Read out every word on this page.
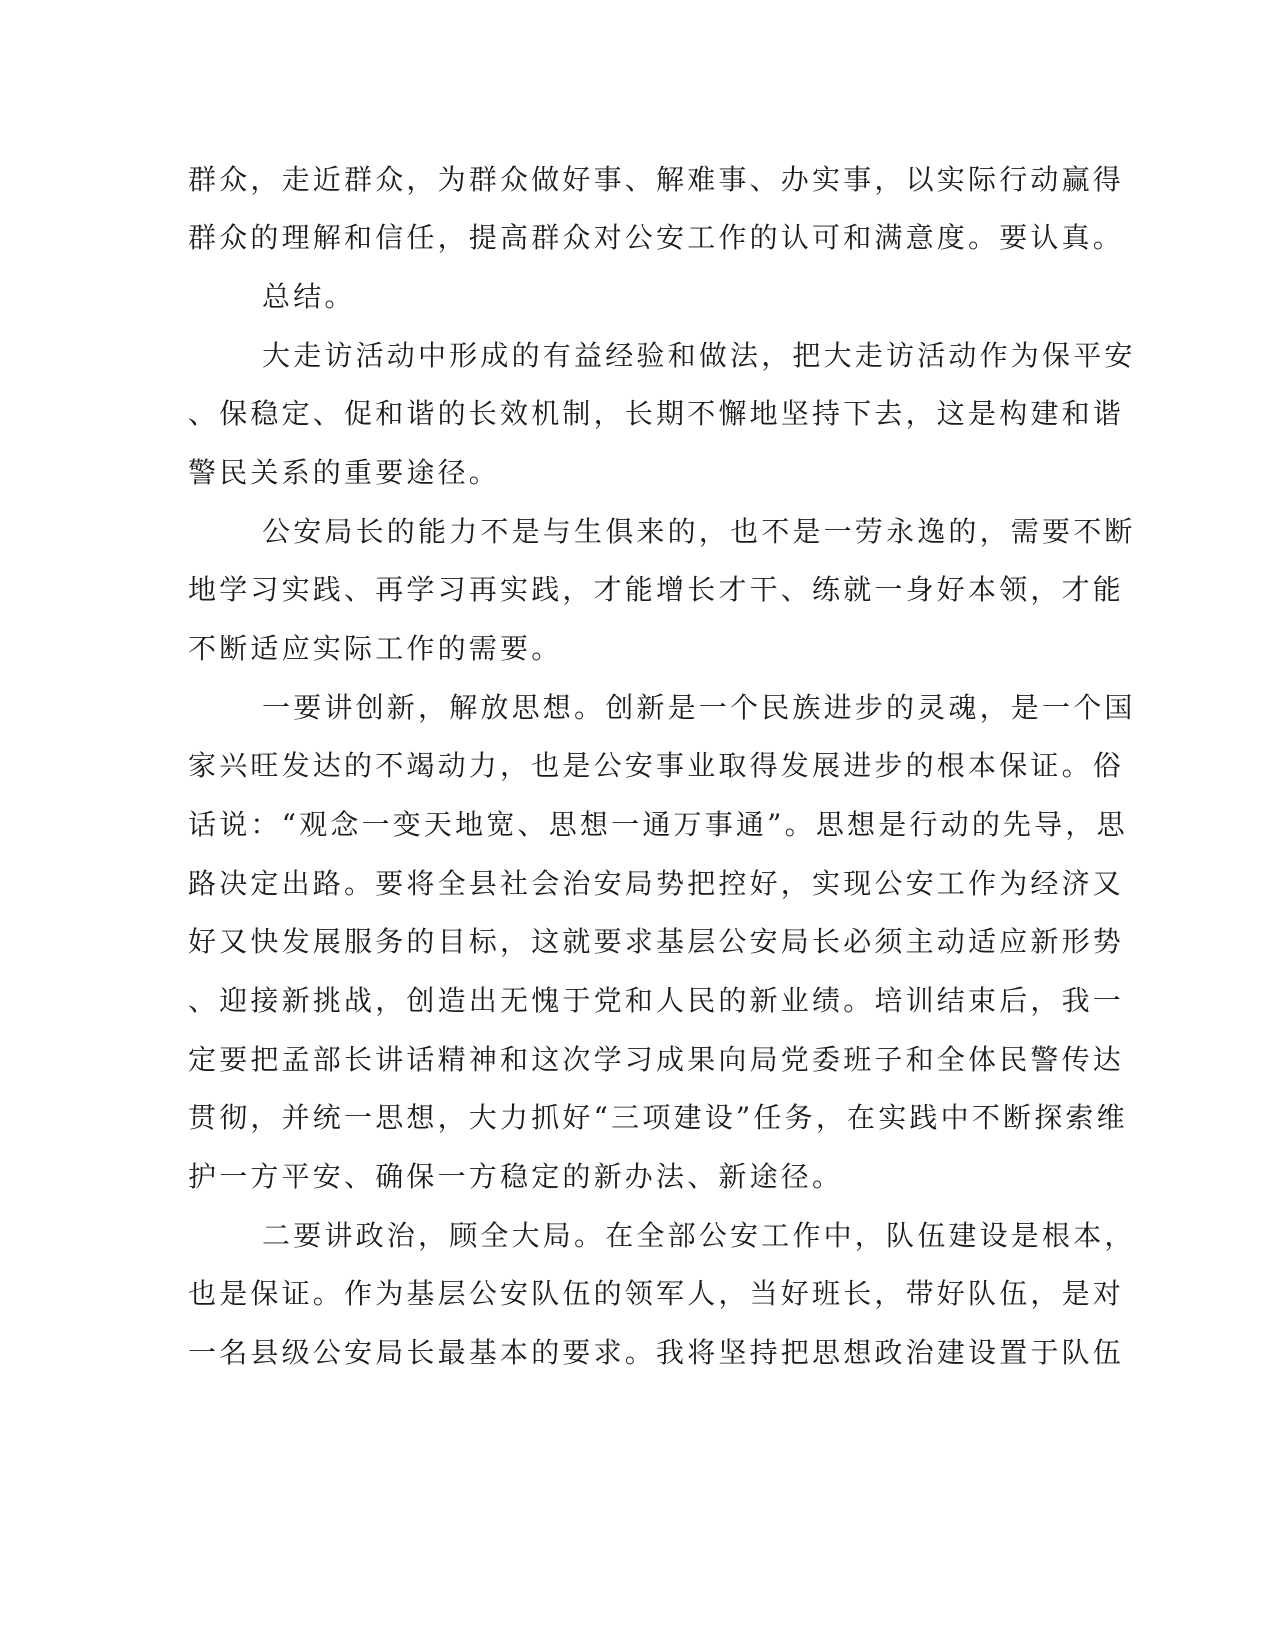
群众，走近群众，为群众做好事、解难事、办实事，以实际行动赢得
群众的理解和信任，提高群众对公安工作的认可和满意度。要认真。
总结。
大走访活动中形成的有益经验和做法，把大走访活动作为保平安
、保稳定、促和谐的长效机制，长期不懈地坚持下去，这是构建和谐
警民关系的重要途径。
公安局长的能力不是与生俱来的，也不是一劳永逸的，需要不断
地学习实践、再学习再实践，才能增长才干、练就一身好本领，才能
不断适应实际工作的需要。
一要讲创新，解放思想。创新是一个民族进步的灵魂，是一个国
家兴旺发达的不竭动力，也是公安事业取得发展进步的根本保证。俗
话说：“观念一变天地宽、思想一通万事通”。思想是行动的先导，思
路决定出路。要将全县社会治安局势把控好，实现公安工作为经济又
好又快发展服务的目标，这就要求基层公安局长必须主动适应新形势
、迎接新挑战，创造出无愧于党和人民的新业绩。培训结束后，我一
定要把孟部长讲话精神和这次学习成果向局党委班子和全体民警传达
贯彻，并统一思想，大力抓好“三项建设”任务，在实践中不断探索维
护一方平安、确保一方稳定的新办法、新途径。
二要讲政治，顾全大局。在全部公安工作中，队伍建设是根本，
也是保证。作为基层公安队伍的领军人，当好班长，带好队伍，是对
一名县级公安局长最基本的要求。我将坚持把思想政治建设置于队伍
